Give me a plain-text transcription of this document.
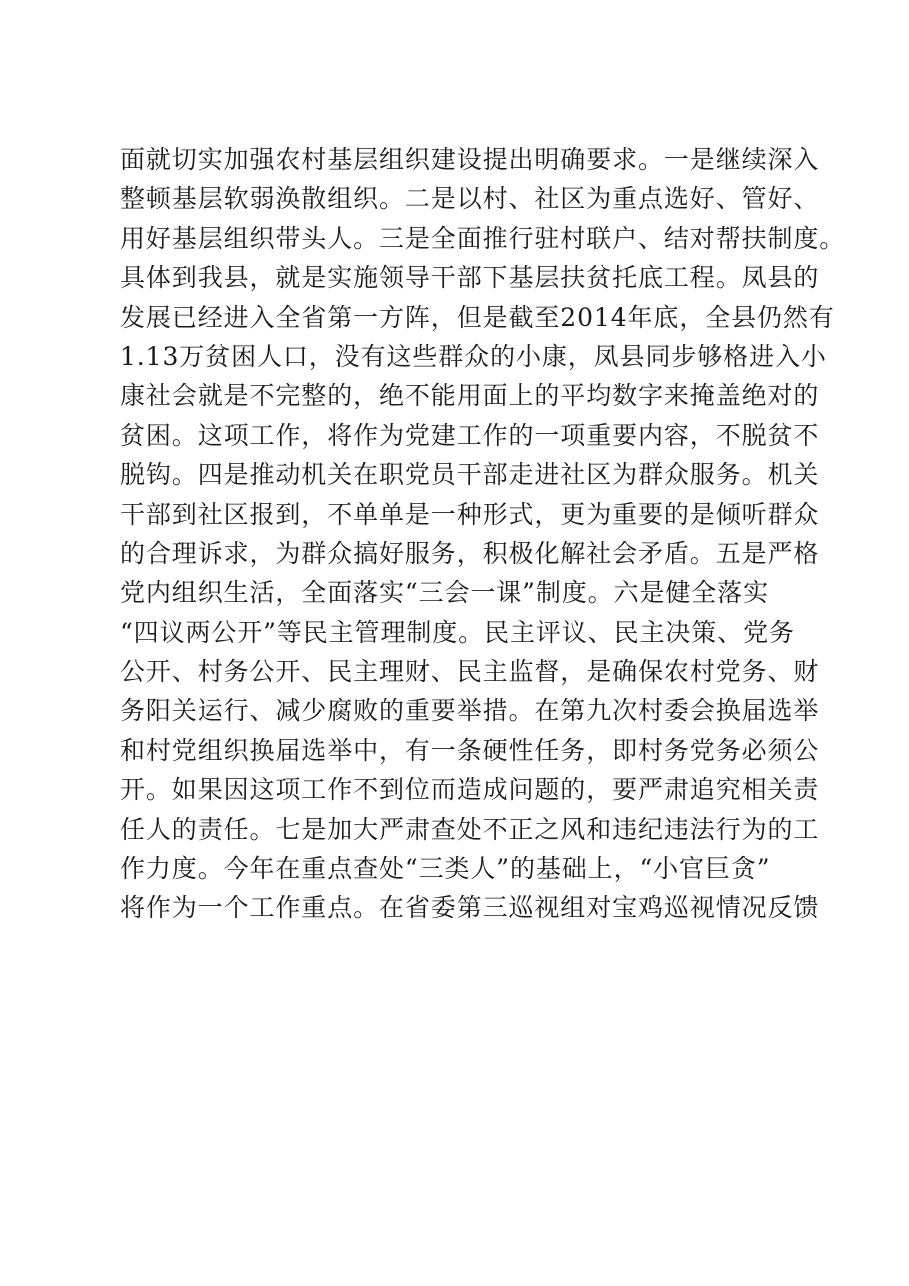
面就切实加强农村基层组织建设提出明确要求。一是继续深入
整顿基层软弱涣散组织。二是以村、社区为重点选好、管好、
用好基层组织带头人。三是全面推行驻村联户、结对帮扶制度。
具体到我县，就是实施领导干部下基层扶贫托底工程。凤县的
发展已经进入全省第一方阵，但是截至2014年底，全县仍然有
1.13万贫困人口，没有这些群众的小康，凤县同步够格进入小
康社会就是不完整的，绝不能用面上的平均数字来掩盖绝对的
贫困。这项工作，将作为党建工作的一项重要内容，不脱贫不
脱钩。四是推动机关在职党员干部走进社区为群众服务。机关
干部到社区报到，不单单是一种形式，更为重要的是倾听群众
的合理诉求，为群众搞好服务，积极化解社会矛盾。五是严格
党内组织生活，全面落实“三会一课”制度。六是健全落实
“四议两公开”等民主管理制度。民主评议、民主决策、党务
公开、村务公开、民主理财、民主监督，是确保农村党务、财
务阳关运行、减少腐败的重要举措。在第九次村委会换届选举
和村党组织换届选举中，有一条硬性任务，即村务党务必须公
开。如果因这项工作不到位而造成问题的，要严肃追究相关责
任人的责任。七是加大严肃查处不正之风和违纪违法行为的工
作力度。今年在重点查处“三类人”的基础上，“小官巨贪”
将作为一个工作重点。在省委第三巡视组对宝鸡巡视情况反馈
